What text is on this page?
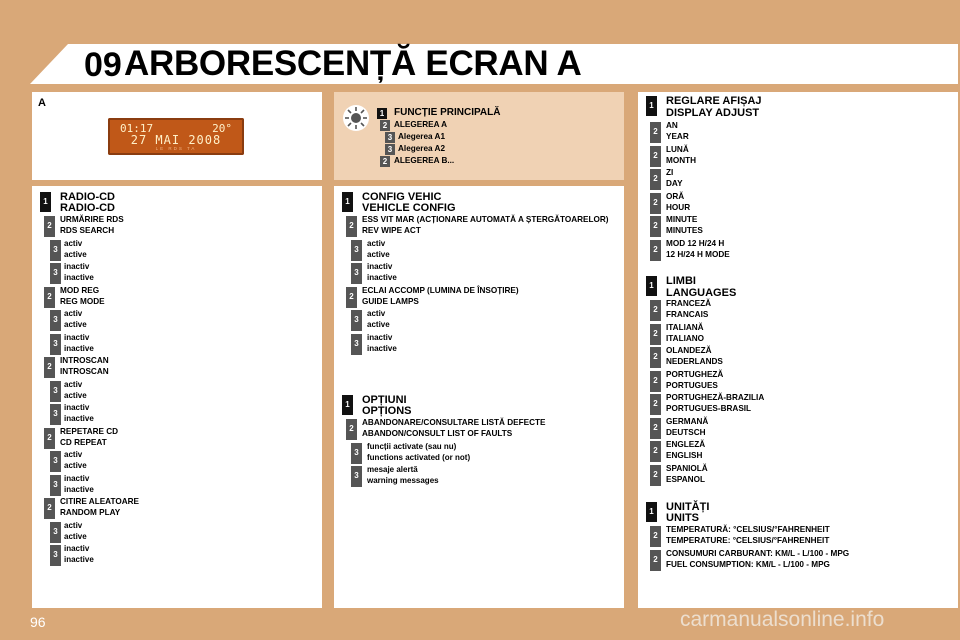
09 ARBORESCENȚĂ ECRAN A
A
01:17	20°
27 MAI 2008
LE RDS TA
1 FUNCȚIE PRINCIPALĂ
2 ALEGEREA A
3 Alegerea A1
3 Alegerea A2
2 ALEGEREA B...
1 RADIO-CD
RADIO-CD
2
URMĂRIRE RDS
RDS SEARCH
3
activ
active
3
inactiv
inactive
2
MOD REG
REG MODE
3
activ
active
3
inactiv
inactive
2
INTROSCAN
INTROSCAN
3
activ
active
3
inactiv
inactive
2
REPETARE CD
CD REPEAT
3
activ
active
3
inactiv
inactive
2
CITIRE ALEATOARE
RANDOM PLAY
3
activ
active
3
inactiv
inactive
1 CONFIG VEHIC
VEHICLE CONFIG
2
ESS VIT MAR (ACȚIONARE AUTOMATĂ A ȘTERGĂTOARELOR)
REV WIPE ACT
3
activ
active
3
inactiv
inactive
2
ECLAI ACCOMP (LUMINA DE ÎNSOȚIRE)
GUIDE LAMPS
3
activ
active
3
inactiv
inactive
1 OPȚIUNI
OPȚIONS
2
ABANDONARE/CONSULTARE LISTĂ DEFECTE
ABANDON/CONSULT LIST OF FAULTS
3
funcții activate (sau nu)
functions activated (or not)
3
mesaje alertă
warning messages
1 REGLARE AFIȘAJ
DISPLAY ADJUST
2
AN
YEAR
2
LUNĂ
MONTH
2
ZI
DAY
2
ORĂ
HOUR
2
MINUTE
MINUTES
2
MOD 12 H/24 H
12 H/24 H MODE
1 LIMBI
LANGUAGES
2
FRANCEZĂ
FRANCAIS
2
ITALIANĂ
ITALIANO
2
OLANDEZĂ
NEDERLANDS
2
PORTUGHEZĂ
PORTUGUES
2
PORTUGHEZĂ-BRAZILIA
PORTUGUES-BRASIL
2
GERMANĂ
DEUTSCH
2
ENGLEZĂ
ENGLISH
2
SPANIOLĂ
ESPANOL
1 UNITĂȚI
UNITS
2
TEMPERATURĂ: °CELSIUS/°FAHRENHEIT
TEMPERATURE: °CELSIUS/°FAHRENHEIT
2
CONSUMURI CARBURANT: KM/L - L/100 - MPG
FUEL CONSUMPTION: KM/L - L/100 - MPG
96	carmanualsonline.info
